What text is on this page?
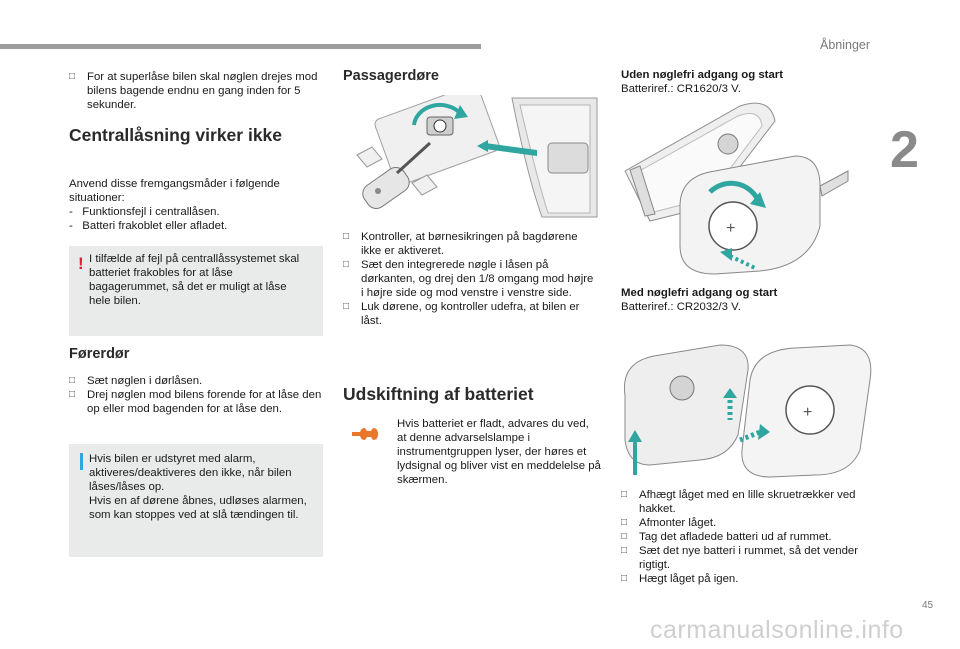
Åbninger
2
□ For at superlåse bilen skal nøglen drejes mod bilens bagende endnu en gang inden for 5 sekunder.
Centrallåsning virker ikke
Anvend disse fremgangsmåder i følgende situationer:
-   Funktionsfejl i centrallåsen.
-   Batteri frakoblet eller afladet.
! I tilfælde af fejl på centrallåssystemet skal batteriet frakobles for at låse bagagerummet, så det er muligt at låse hele bilen.
Førerdør
□ Sæt nøglen i dørlåsen.
□ Drej nøglen mod bilens forende for at låse den op eller mod bagenden for at låse den.
Hvis bilen er udstyret med alarm, aktiveres/deaktiveres den ikke, når bilen låses/låses op.
Hvis en af dørene åbnes, udløses alarmen, som kan stoppes ved at slå tændingen til.
Passagerdøre
□ Kontroller, at børnesikringen på bagdørene ikke er aktiveret.
□ Sæt den integrerede nøgle i låsen på dørkanten, og drej den 1/8 omgang mod højre i højre side og mod venstre i venstre side.
□ Luk dørene, og kontroller udefra, at bilen er låst.
Udskiftning af batteriet
Hvis batteriet er fladt, advares du ved, at denne advarselslampe i instrumentgruppen lyser, der høres et lydsignal og bliver vist en meddelelse på skærmen.
Uden nøglefri adgang og start
Batteriref.: CR1620/3 V.
+
Med nøglefri adgang og start
Batteriref.: CR2032/3 V.
+
□ Afhægt låget med en lille skruetrækker ved hakket.
□ Afmonter låget.
□ Tag det afladede batteri ud af rummet.
□ Sæt det nye batteri i rummet, så det vender rigtigt.
□ Hægt låget på igen.
45
carmanualsonline.info
